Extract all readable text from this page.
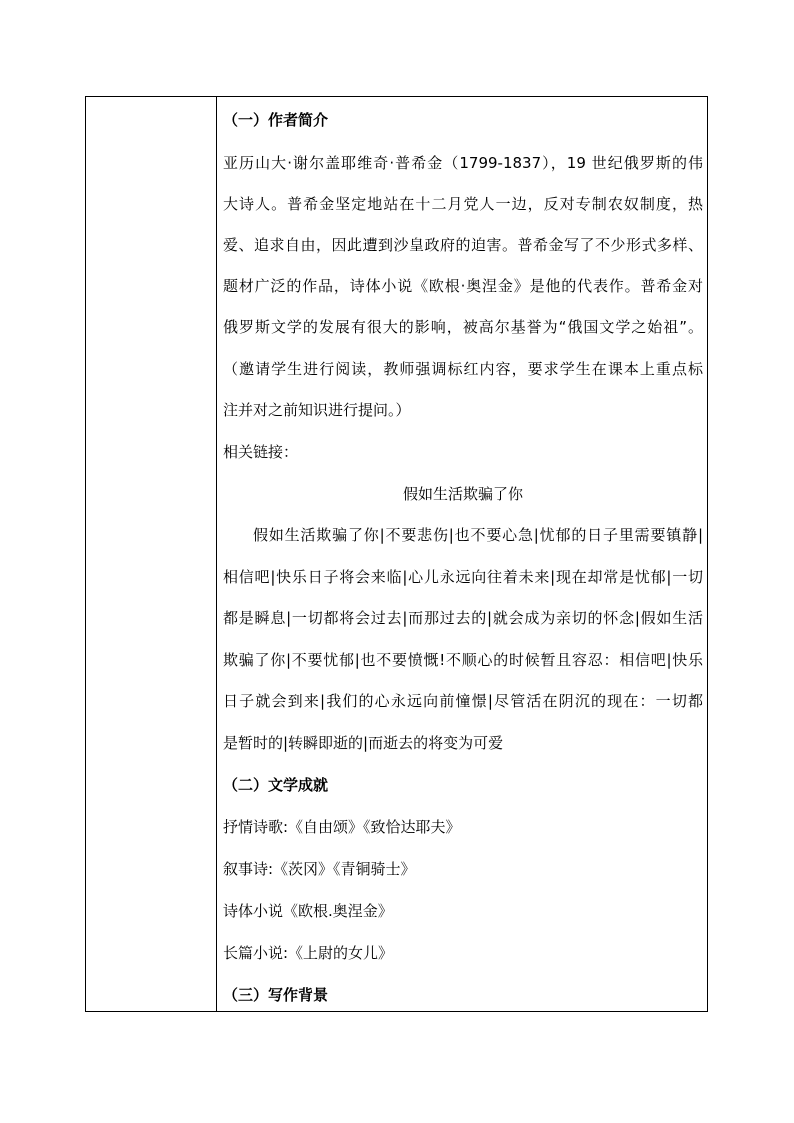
（一）作者简介
亚历山大·谢尔盖耶维奇·普希金（1799-1837），19 世纪俄罗斯的伟
大诗人。普希金坚定地站在十二月党人一边，反对专制农奴制度，热
爱、追求自由，因此遭到沙皇政府的迫害。普希金写了不少形式多样、
题材广泛的作品，诗体小说《欧根·奥涅金》是他的代表作。普希金对
俄罗斯文学的发展有很大的影响，被高尔基誉为“俄国文学之始祖”。
（邀请学生进行阅读，教师强调标红内容，要求学生在课本上重点标
注并对之前知识进行提问。）
相关链接：
假如生活欺骗了你
假如生活欺骗了你|不要悲伤|也不要心急|忧郁的日子里需要镇静|
相信吧|快乐日子将会来临|心儿永远向往着未来|现在却常是忧郁|一切
都是瞬息|一切都将会过去|而那过去的|就会成为亲切的怀念|假如生活
欺骗了你|不要忧郁|也不要愤慨!不顺心的时候暂且容忍：相信吧|快乐
日子就会到来|我们的心永远向前憧憬|尽管活在阴沉的现在：一切都
是暂时的|转瞬即逝的|而逝去的将变为可爱
（二）文学成就
抒情诗歌:《自由颂》《致恰达耶夫》
叙事诗:《茨冈》《青铜骑士》
诗体小说《欧根.奥涅金》
长篇小说:《上尉的女儿》
（三）写作背景
